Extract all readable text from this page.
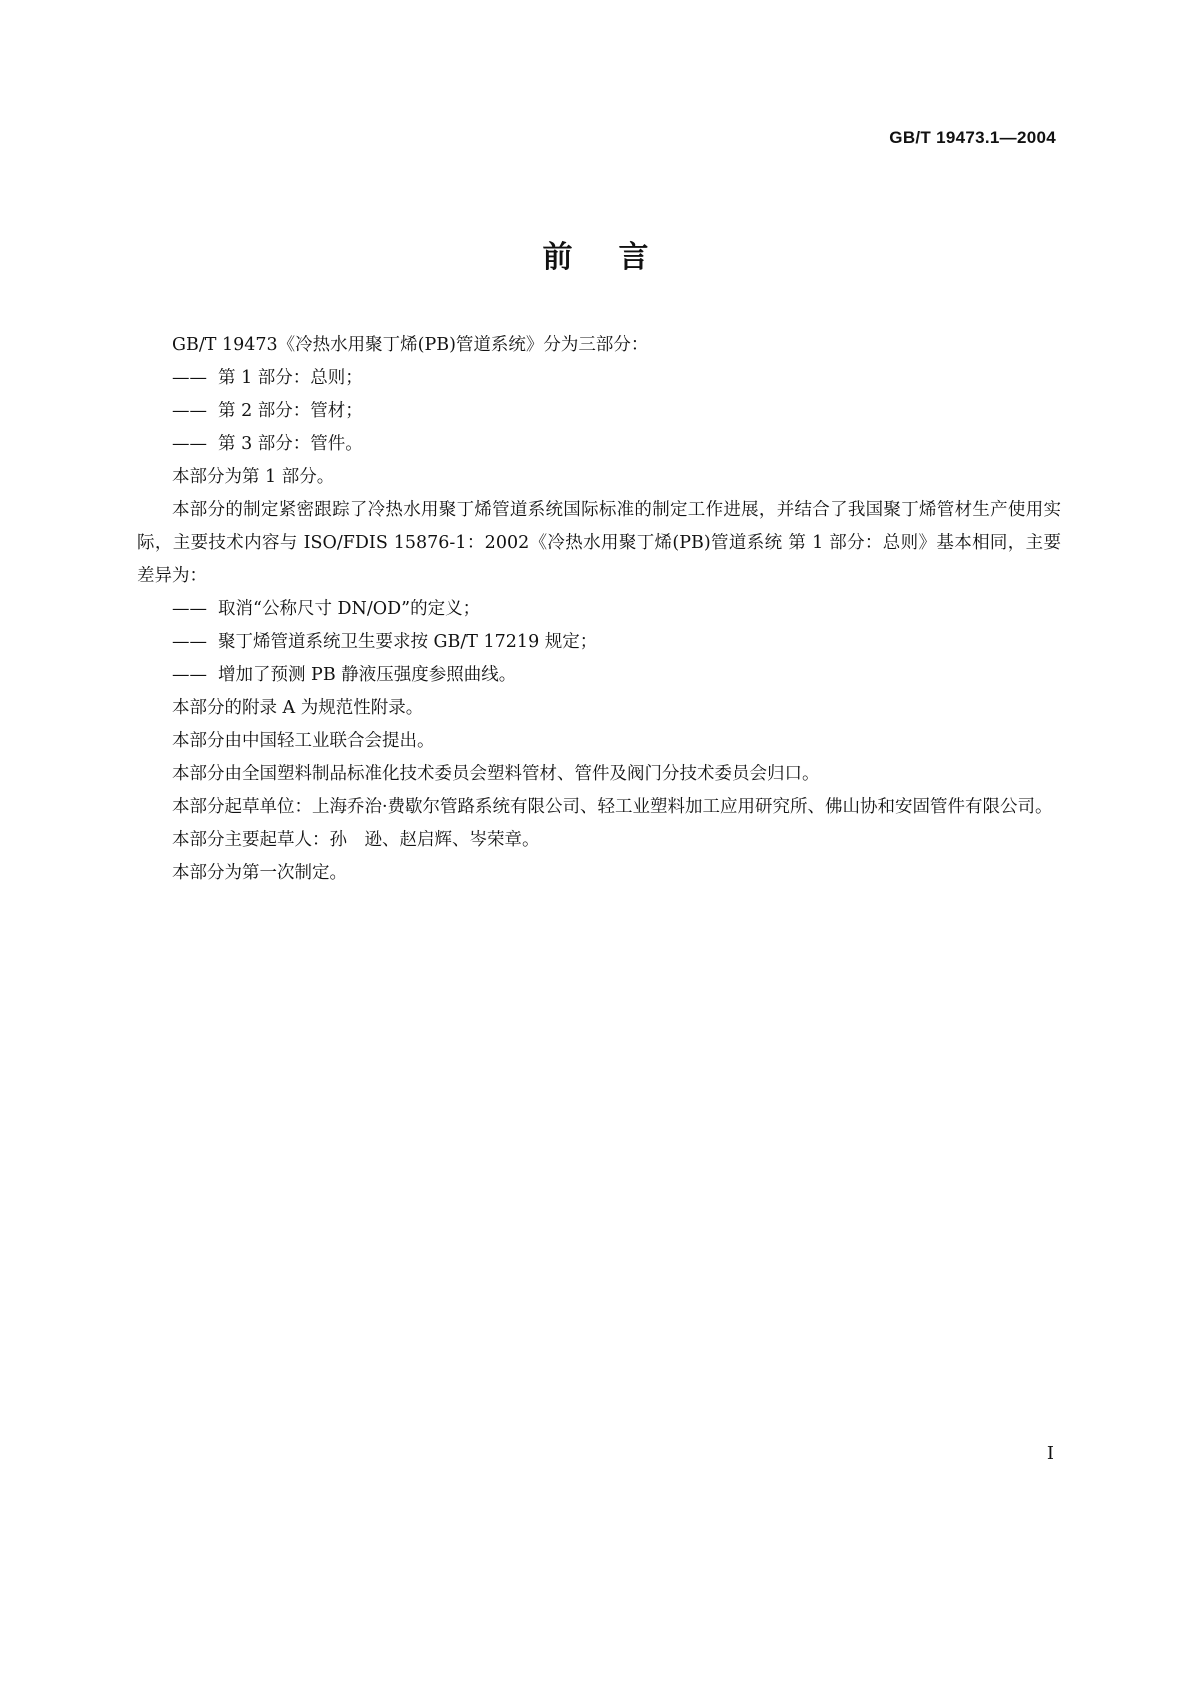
GB/T 19473.1—2004
前言

GB/T 19473《冷热水用聚丁烯(PB)管道系统》分为三部分：

—— 第 1 部分：总则；

—— 第 2 部分：管材；

—— 第 3 部分：管件。

本部分为第 1 部分。

本部分的制定紧密跟踪了冷热水用聚丁烯管道系统国际标准的制定工作进展，并结合了我国聚丁烯管材生产使用实际，主要技术内容与 ISO/FDIS 15876-1：2002《冷热水用聚丁烯(PB)管道系统 第 1 部分：总则》基本相同，主要差异为：

—— 取消“公称尺寸 DN/OD”的定义；

—— 聚丁烯管道系统卫生要求按 GB/T 17219 规定；

—— 增加了预测 PB 静液压强度参照曲线。

本部分的附录 A 为规范性附录。

本部分由中国轻工业联合会提出。

本部分由全国塑料制品标准化技术委员会塑料管材、管件及阀门分技术委员会归口。

本部分起草单位：上海乔治·费歇尔管路系统有限公司、轻工业塑料加工应用研究所、佛山协和安固管件有限公司。

本部分主要起草人：孙　逊、赵启辉、岑荣章。

本部分为第一次制定。

I
